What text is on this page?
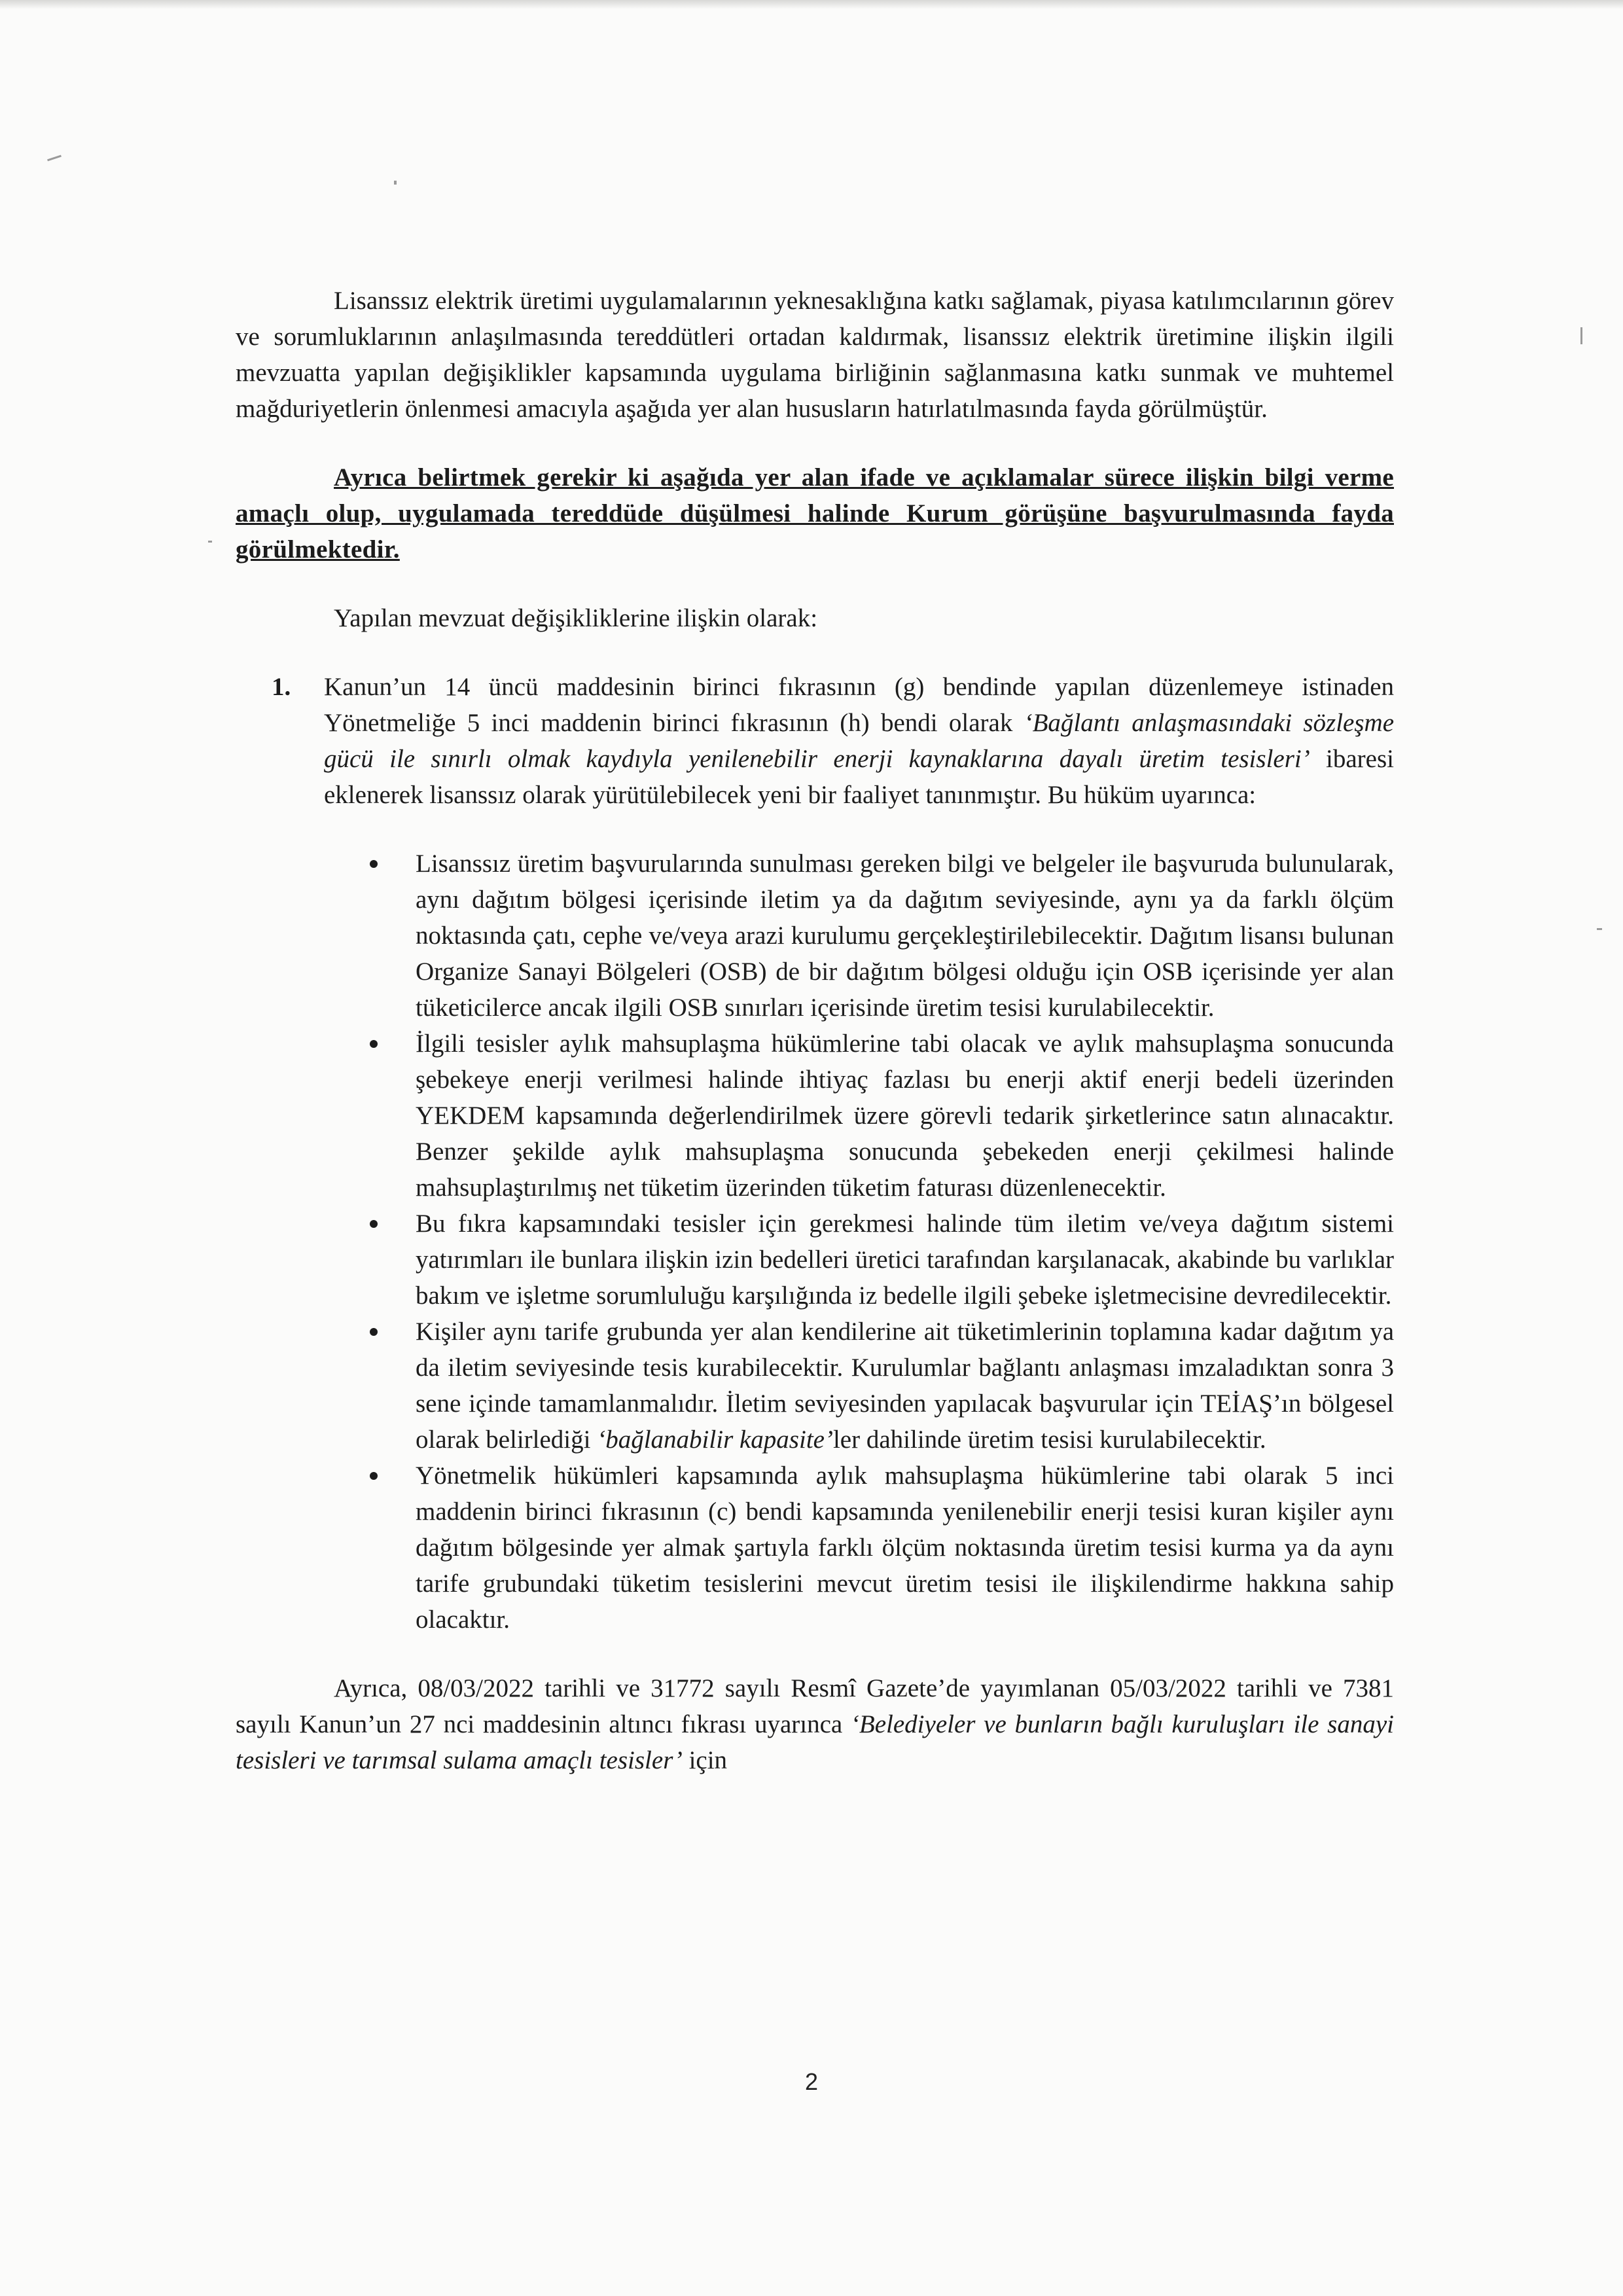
Lisanssız elektrik üretimi uygulamalarının yeknesaklığına katkı sağlamak, piyasa katılımcılarının görev ve sorumluklarının anlaşılmasında tereddütleri ortadan kaldırmak, lisanssız elektrik üretimine ilişkin ilgili mevzuatta yapılan değişiklikler kapsamında uygulama birliğinin sağlanmasına katkı sunmak ve muhtemel mağduriyetlerin önlenmesi amacıyla aşağıda yer alan hususların hatırlatılmasında fayda görülmüştür.

Ayrıca belirtmek gerekir ki aşağıda yer alan ifade ve açıklamalar sürece ilişkin bilgi verme amaçlı olup, uygulamada tereddüde düşülmesi halinde Kurum görüşüne başvurulmasında fayda görülmektedir.

Yapılan mevzuat değişikliklerine ilişkin olarak:

1. Kanun’un 14 üncü maddesinin birinci fıkrasının (g) bendinde yapılan düzenlemeye istinaden Yönetmeliğe 5 inci maddenin birinci fıkrasının (h) bendi olarak ‘Bağlantı anlaşmasındaki sözleşme gücü ile sınırlı olmak kaydıyla yenilenebilir enerji kaynaklarına dayalı üretim tesisleri’ ibaresi eklenerek lisanssız olarak yürütülebilecek yeni bir faaliyet tanınmıştır. Bu hüküm uyarınca:

Lisanssız üretim başvurularında sunulması gereken bilgi ve belgeler ile başvuruda bulunularak, aynı dağıtım bölgesi içerisinde iletim ya da dağıtım seviyesinde, aynı ya da farklı ölçüm noktasında çatı, cephe ve/veya arazi kurulumu gerçekleştirilebilecektir. Dağıtım lisansı bulunan Organize Sanayi Bölgeleri (OSB) de bir dağıtım bölgesi olduğu için OSB içerisinde yer alan tüketicilerce ancak ilgili OSB sınırları içerisinde üretim tesisi kurulabilecektir.
İlgili tesisler aylık mahsuplaşma hükümlerine tabi olacak ve aylık mahsuplaşma sonucunda şebekeye enerji verilmesi halinde ihtiyaç fazlası bu enerji aktif enerji bedeli üzerinden YEKDEM kapsamında değerlendirilmek üzere görevli tedarik şirketlerince satın alınacaktır. Benzer şekilde aylık mahsuplaşma sonucunda şebekeden enerji çekilmesi halinde mahsuplaştırılmış net tüketim üzerinden tüketim faturası düzenlenecektir.
Bu fıkra kapsamındaki tesisler için gerekmesi halinde tüm iletim ve/veya dağıtım sistemi yatırımları ile bunlara ilişkin izin bedelleri üretici tarafından karşılanacak, akabinde bu varlıklar bakım ve işletme sorumluluğu karşılığında iz bedelle ilgili şebeke işletmecisine devredilecektir.
Kişiler aynı tarife grubunda yer alan kendilerine ait tüketimlerinin toplamına kadar dağıtım ya da iletim seviyesinde tesis kurabilecektir. Kurulumlar bağlantı anlaşması imzaladıktan sonra 3 sene içinde tamamlanmalıdır. İletim seviyesinden yapılacak başvurular için TEİAŞ’ın bölgesel olarak belirlediği ‘bağlanabilir kapasite’ler dahilinde üretim tesisi kurulabilecektir.
Yönetmelik hükümleri kapsamında aylık mahsuplaşma hükümlerine tabi olarak 5 inci maddenin birinci fıkrasının (c) bendi kapsamında yenilenebilir enerji tesisi kuran kişiler aynı dağıtım bölgesinde yer almak şartıyla farklı ölçüm noktasında üretim tesisi kurma ya da aynı tarife grubundaki tüketim tesislerini mevcut üretim tesisi ile ilişkilendirme hakkına sahip olacaktır.

Ayrıca, 08/03/2022 tarihli ve 31772 sayılı Resmî Gazete’de yayımlanan 05/03/2022 tarihli ve 7381 sayılı Kanun’un 27 nci maddesinin altıncı fıkrası uyarınca ‘Belediyeler ve bunların bağlı kuruluşları ile sanayi tesisleri ve tarımsal sulama amaçlı tesisler’ için

2
